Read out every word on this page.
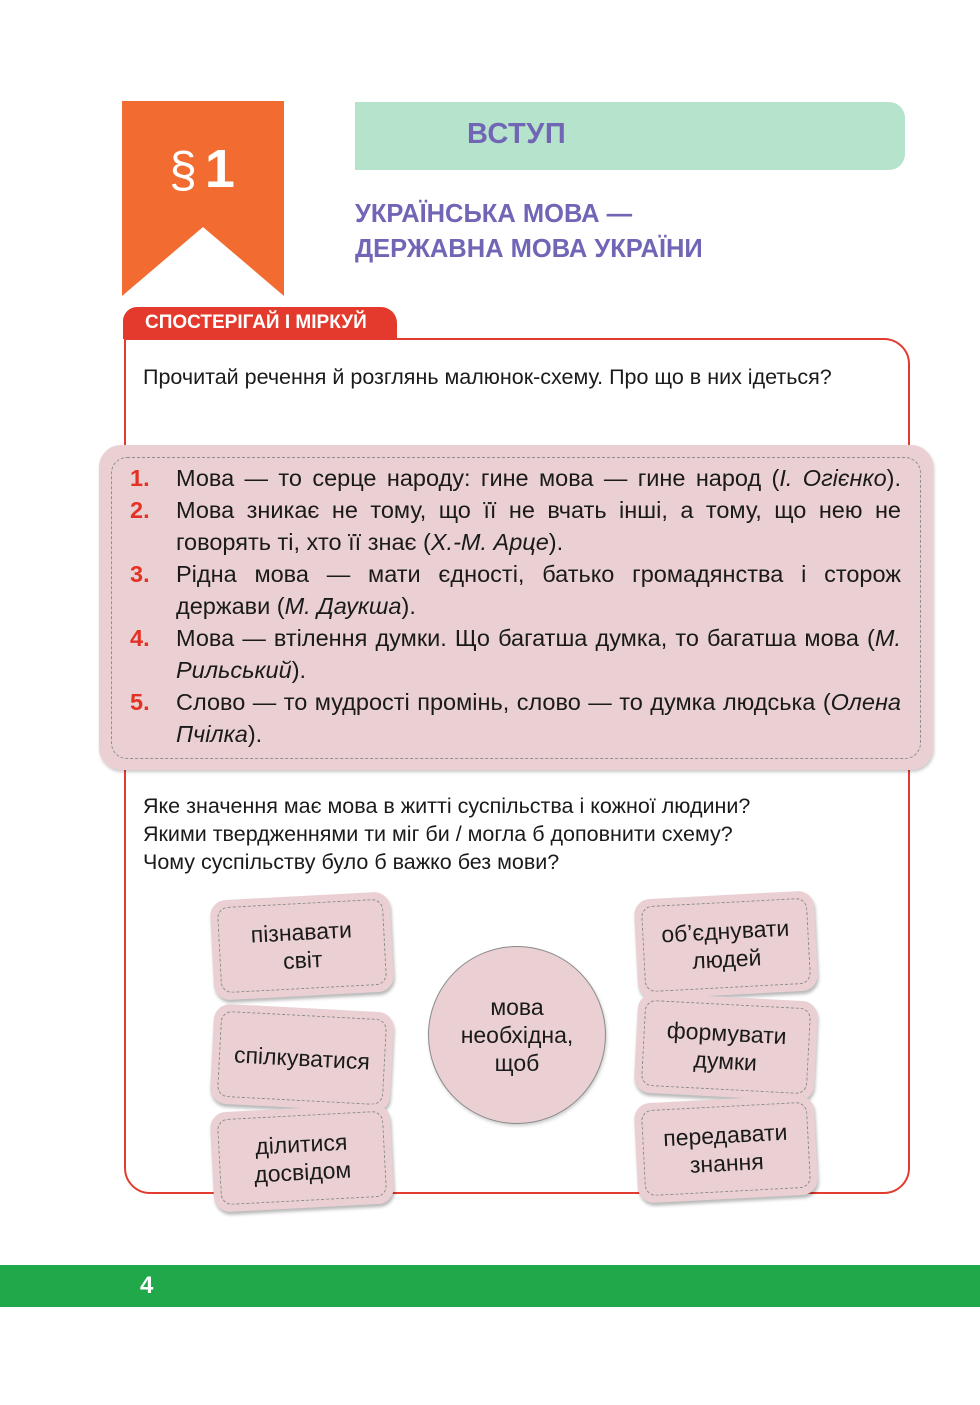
§ 1
ВСТУП
УКРАЇНСЬКА МОВА —
ДЕРЖАВНА МОВА УКРАЇНИ
СПОСТЕРІГАЙ І МІРКУЙ
Прочитай речення й розглянь малюнок-схему. Про що в них ідеться?
1. Мова — то серце народу: гине мова — гине народ (І. Огієнко).
2. Мова зникає не тому, що її не вчать інші, а тому, що нею не говорять ті, хто її знає (Х.-М. Арце).
3. Рідна мова — мати єдності, батько громадянства і сторож держави (М. Даукша).
4. Мова — втілення думки. Що багатша думка, то багатша мова (М. Рильський).
5. Слово — то мудрості промінь, слово — то думка людська (Олена Пчілка).
Яке значення має мова в житті суспільства і кожної людини?
Якими твердженнями ти міг би / могла б доповнити схему?
Чому суспільству було б важко без мови?
пізнавати
світ
спілкуватися
ділитися
досвідом
мова
необхідна,
щоб
об’єднувати
людей
формувати
думки
передавати
знання
4
